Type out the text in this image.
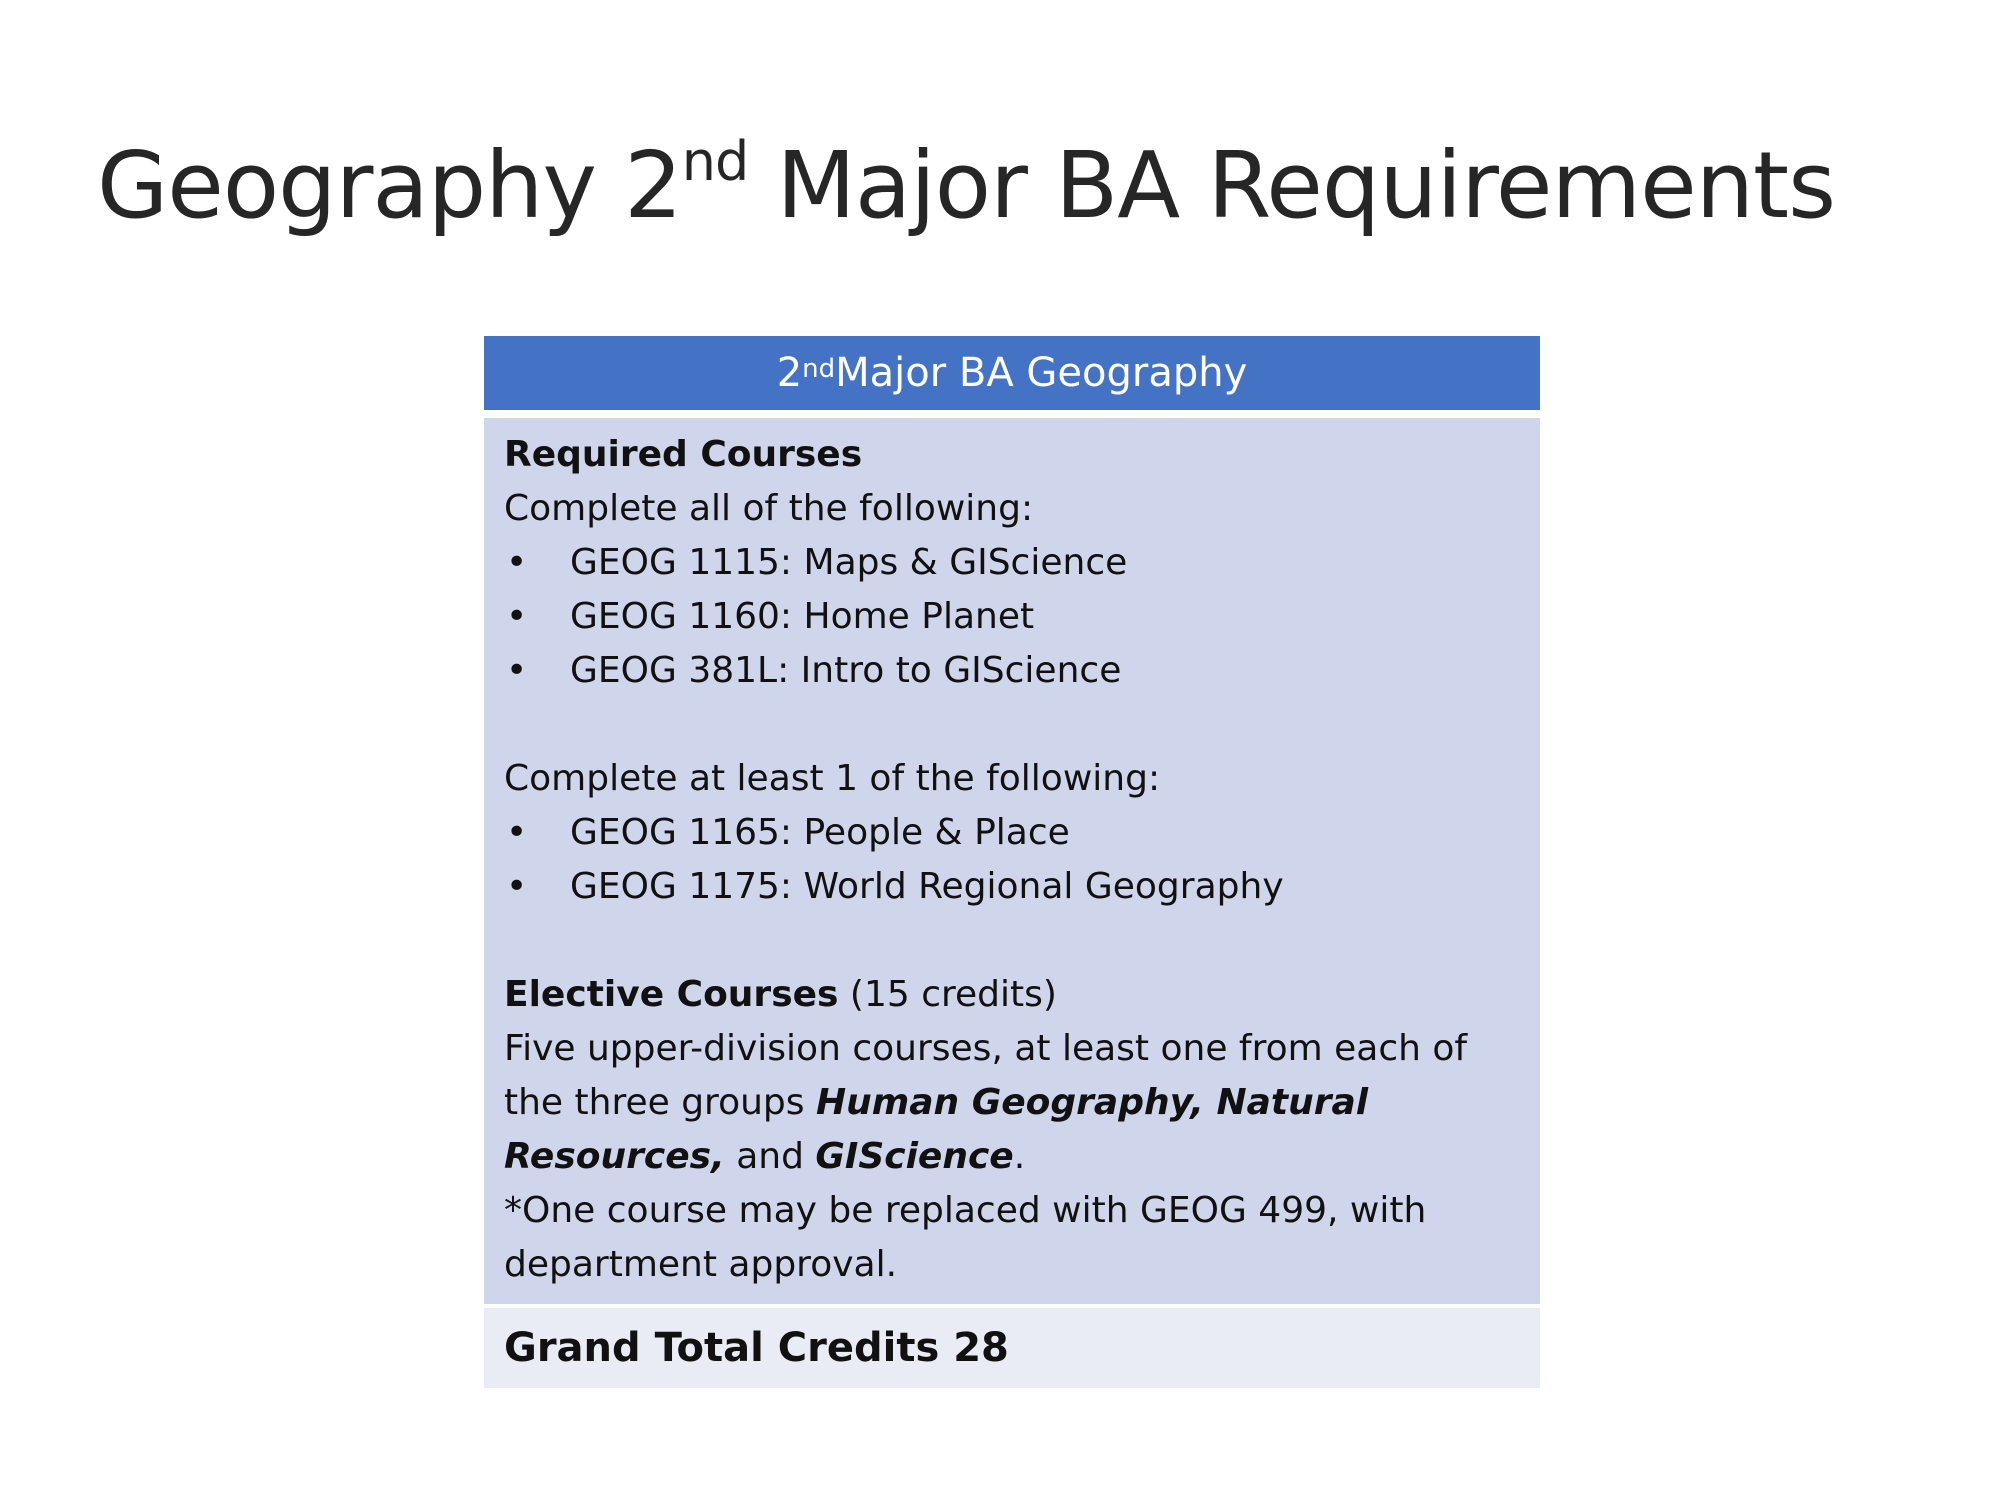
Geography 2nd Major BA Requirements
2nd Major BA Geography
Required Courses
Complete all of the following:
•	GEOG 1115: Maps & GIScience
•	GEOG 1160: Home Planet
•	GEOG 381L: Intro to GIScience
Complete at least 1 of the following:
•	GEOG 1165: People & Place
•	GEOG 1175: World Regional Geography
Elective Courses (15 credits)
Five upper-division courses, at least one from each of
the three groups Human Geography, Natural
Resources, and GIScience.
*One course may be replaced with GEOG 499, with
department approval.
Grand Total Credits 28
